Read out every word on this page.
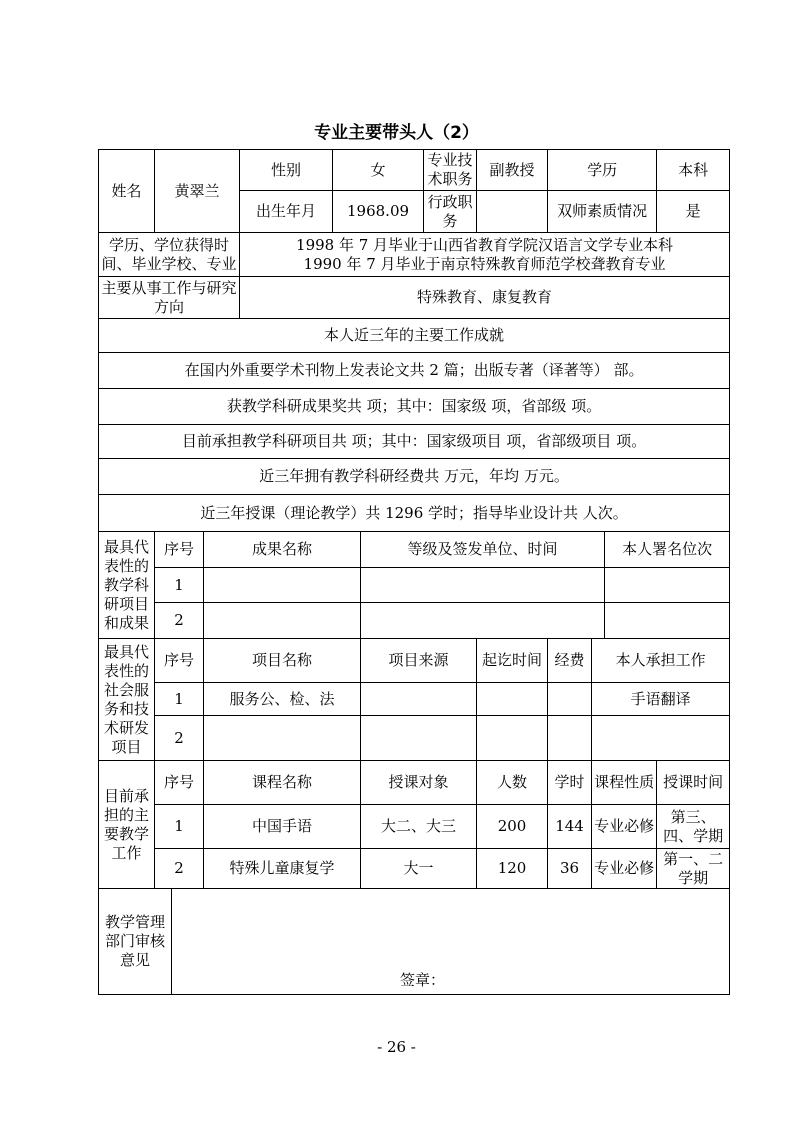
专业主要带头人（2）
姓名	黄翠兰			性别	女		专业技术职务	副教授	学历			本科
				出生年月	1968.09		行政职务		双师素质情况			是
学历、学位获得时间、毕业学校、专业				1998 年 7 月毕业于山西省教育学院汉语言文学专业本科
1990 年 7 月毕业于南京特殊教育师范学校聋教育专业								

主要从事工作与研究方向				特殊教育、康复教育								
本人近三年的主要工作成就												
在国内外重要学术刊物上发表论文共 2 篇；出版专著（译著等） 部。												
获教学科研成果奖共 项；其中：国家级 项，省部级 项。												
目前承担教学科研项目共 项；其中：国家级项目 项，省部级项目 项。												
近三年拥有教学科研经费共 万元，年均 万元。												
近三年授课（理论教学）共 1296 学时；指导毕业设计共 人次。												
最具代表性的教学科研项目和成果	序号		成果名称			等级及签发单位、时间					本人署名位次	
	1											
	2											
最具代表性的社会服务和技术研发项目	序号		项目名称			项目来源		起讫时间	经费	本人承担工作		
	1		服务公、检、法							手语翻译		
	2											
目前承担的主要教学工作	序号		课程名称			授课对象		人数	学时	课程性质		授课时间
	1		中国手语			大二、大三		200	144	专业必修		第三、四、学期
	2		特殊儿童康复学			大一		120	36	专业必修		第一、二学期
教学管理部门审核意见		签章：										
- 26 -
